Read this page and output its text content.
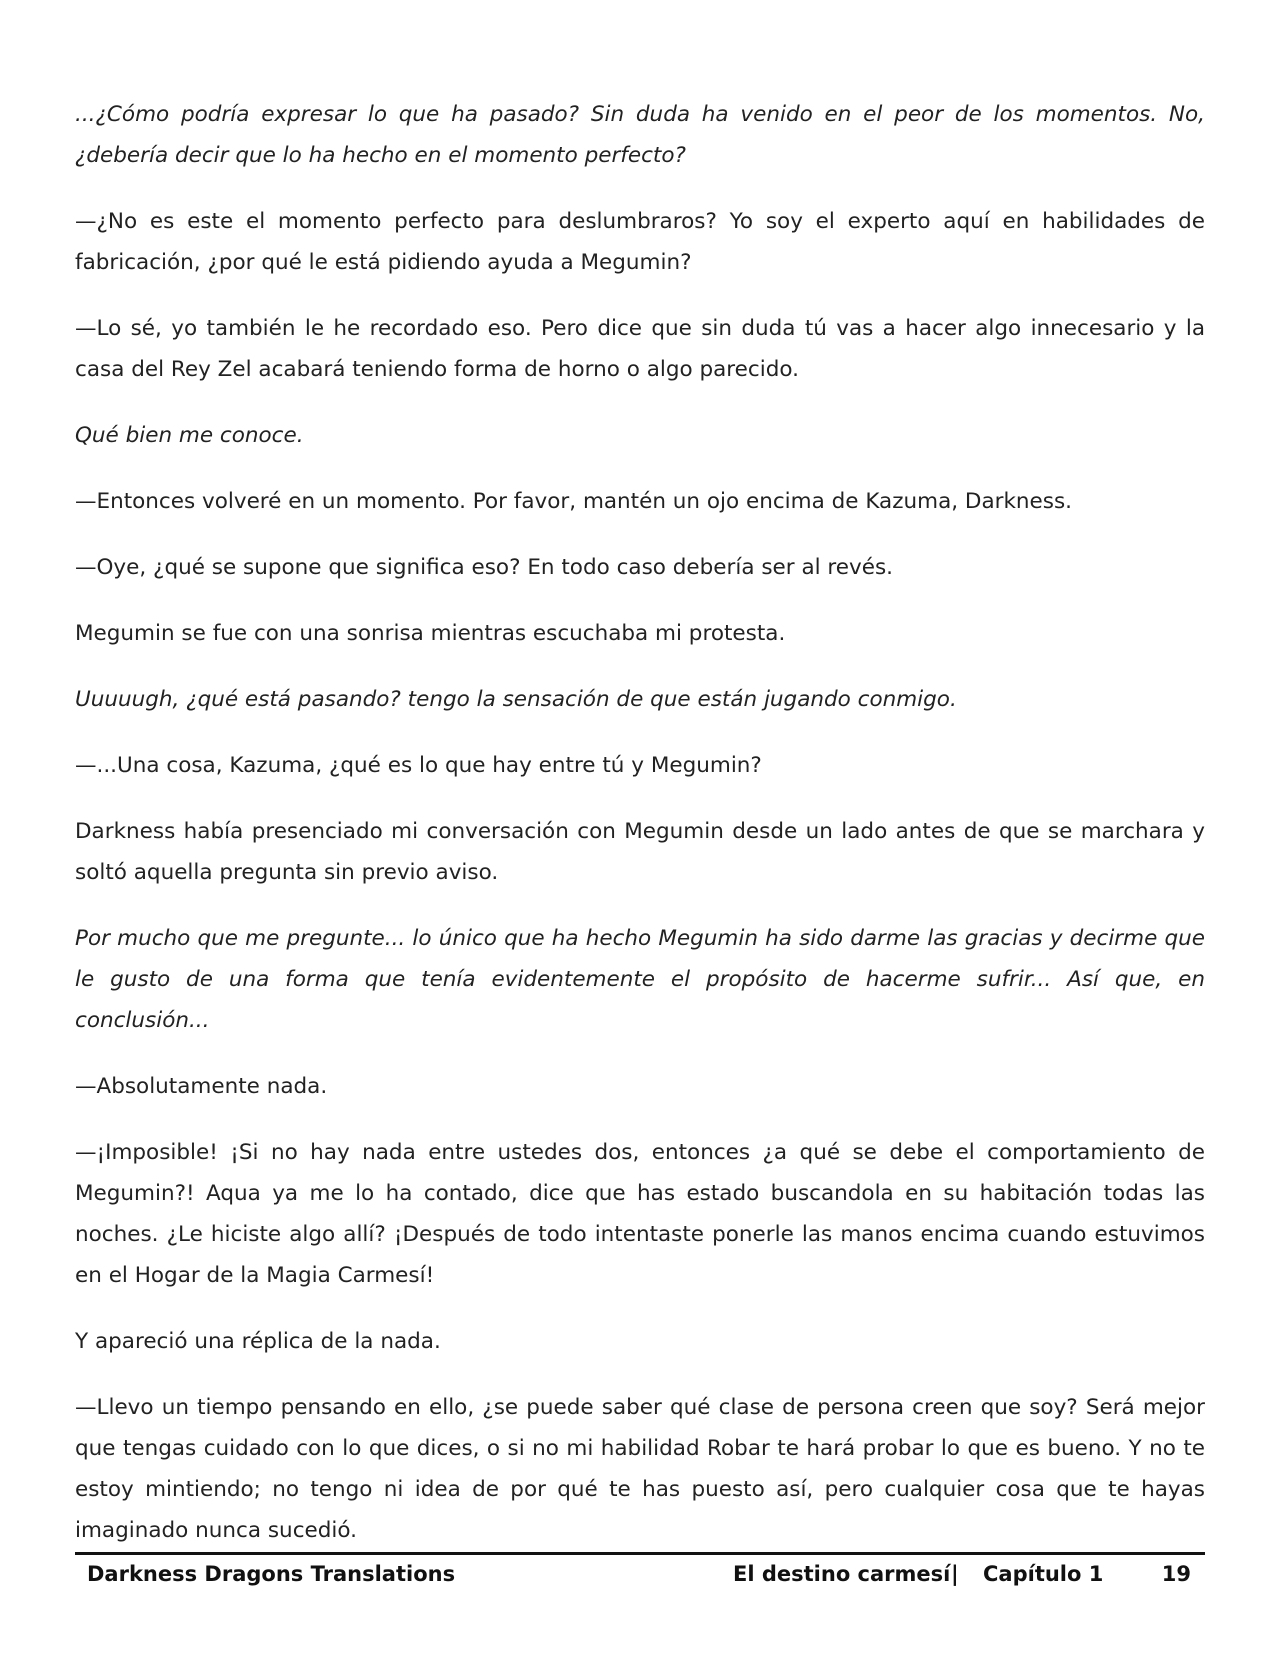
...¿Cómo podría expresar lo que ha pasado? Sin duda ha venido en el peor de los momentos. No, ¿debería decir que lo ha hecho en el momento perfecto?

—¿No es este el momento perfecto para deslumbraros? Yo soy el experto aquí en habilidades de fabricación, ¿por qué le está pidiendo ayuda a Megumin?

—Lo sé, yo también le he recordado eso. Pero dice que sin duda tú vas a hacer algo innecesario y la casa del Rey Zel acabará teniendo forma de horno o algo parecido.

Qué bien me conoce.

—Entonces volveré en un momento. Por favor, mantén un ojo encima de Kazuma, Darkness.

—Oye, ¿qué se supone que significa eso? En todo caso debería ser al revés.

Megumin se fue con una sonrisa mientras escuchaba mi protesta.

Uuuuugh, ¿qué está pasando? tengo la sensación de que están jugando conmigo.

—...Una cosa, Kazuma, ¿qué es lo que hay entre tú y Megumin?

Darkness había presenciado mi conversación con Megumin desde un lado antes de que se marchara y soltó aquella pregunta sin previo aviso.

Por mucho que me pregunte... lo único que ha hecho Megumin ha sido darme las gracias y decirme que le gusto de una forma que tenía evidentemente el propósito de hacerme sufrir... Así que, en conclusión...

—Absolutamente nada.

—¡Imposible! ¡Si no hay nada entre ustedes dos, entonces ¿a qué se debe el comportamiento de Megumin?! Aqua ya me lo ha contado, dice que has estado buscandola en su habitación todas las noches. ¿Le hiciste algo allí? ¡Después de todo intentaste ponerle las manos encima cuando estuvimos en el Hogar de la Magia Carmesí!

Y apareció una réplica de la nada.

—Llevo un tiempo pensando en ello, ¿se puede saber qué clase de persona creen que soy? Será mejor que tengas cuidado con lo que dices, o si no mi habilidad Robar te hará probar lo que es bueno. Y no te estoy mintiendo; no tengo ni idea de por qué te has puesto así, pero cualquier cosa que te hayas imaginado nunca sucedió.

Darkness Dragons Translations	El destino carmesí | Capítulo 1	19
